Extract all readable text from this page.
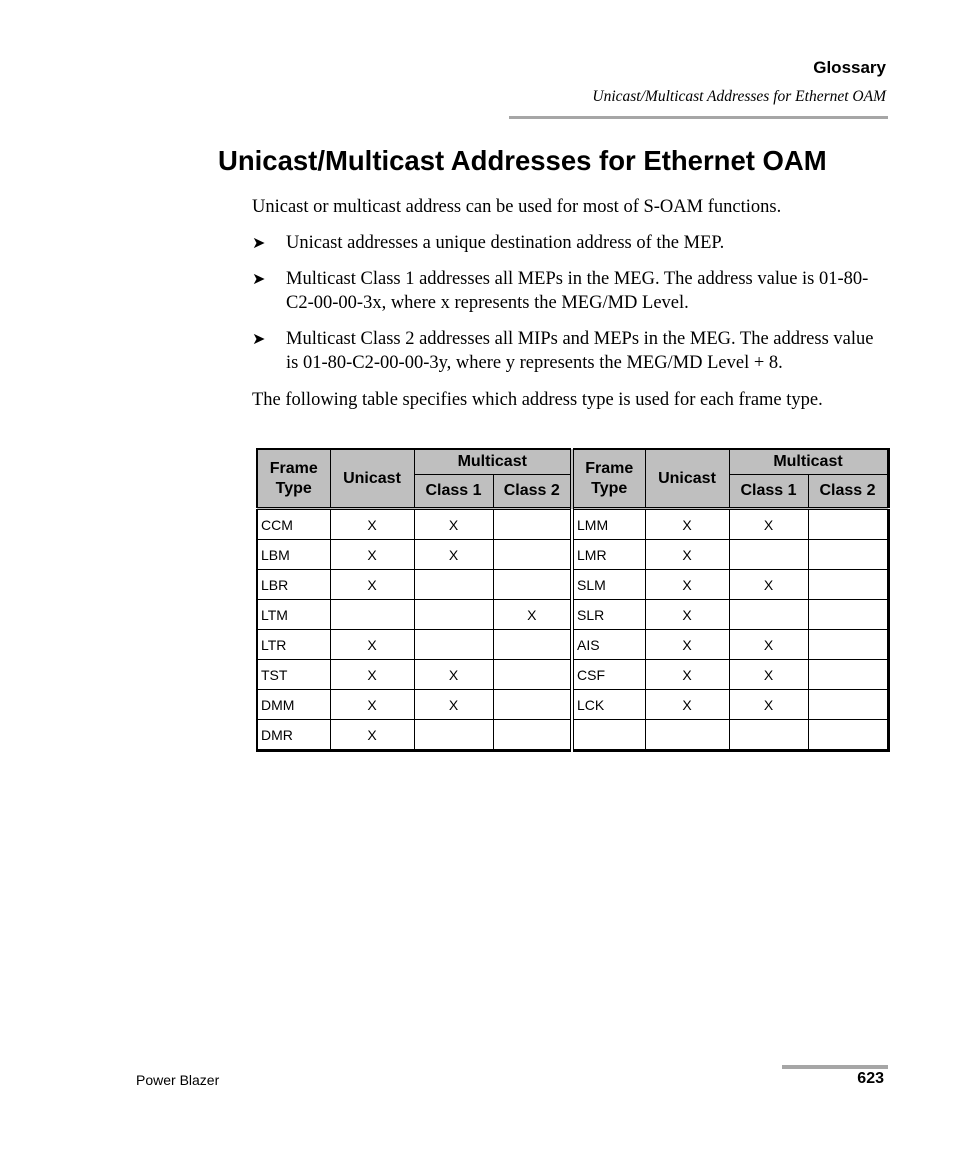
Glossary
Unicast/Multicast Addresses for Ethernet OAM
Unicast/Multicast Addresses for Ethernet OAM

Unicast or multicast address can be used for most of S-OAM functions.

➤ Unicast addresses a unique destination address of the MEP.
➤ Multicast Class 1 addresses all MEPs in the MEG. The address value is 01-80-C2-00-00-3x, where x represents the MEG/MD Level.
➤ Multicast Class 2 addresses all MIPs and MEPs in the MEG. The address value is 01-80-C2-00-00-3y, where y represents the MEG/MD Level + 8.

The following table specifies which address type is used for each frame type.

Frame Type	Unicast	Multicast		Frame Type	Unicast	Multicast	
		Class 1	Class 2			Class 1	Class 2
CCM	X	X		LMM	X	X	
LBM	X	X		LMR	X		
LBR	X			SLM	X	X	
LTM			X	SLR	X		
LTR	X			AIS	X	X	
TST	X	X		CSF	X	X	
DMM	X	X		LCK	X	X	
DMR	X						
Power Blazer	623
